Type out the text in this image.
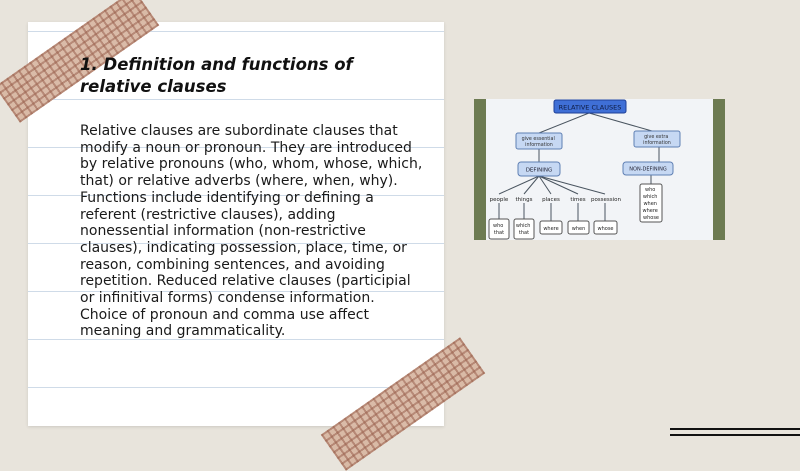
1. Definition and functions of relative clauses

Relative clauses are subordinate clauses that modify a noun or pronoun. They are introduced by relative pronouns (who, whom, whose, which, that) or relative adverbs (where, when, why). Functions include identifying or defining a referent (restrictive clauses), adding nonessential information (non-restrictive clauses), indicating possession, place, time, or reason, combining sentences, and avoiding repetition. Reduced relative clauses (participial or infinitival forms) condense information. Choice of pronoun and comma use affect meaning and grammaticality.

RELATIVE CLAUSES
give essential information
give extra information
DEFINING	NON-DEFINING
people things places times possession
who that
which that
where	when whose
who which when where whose
